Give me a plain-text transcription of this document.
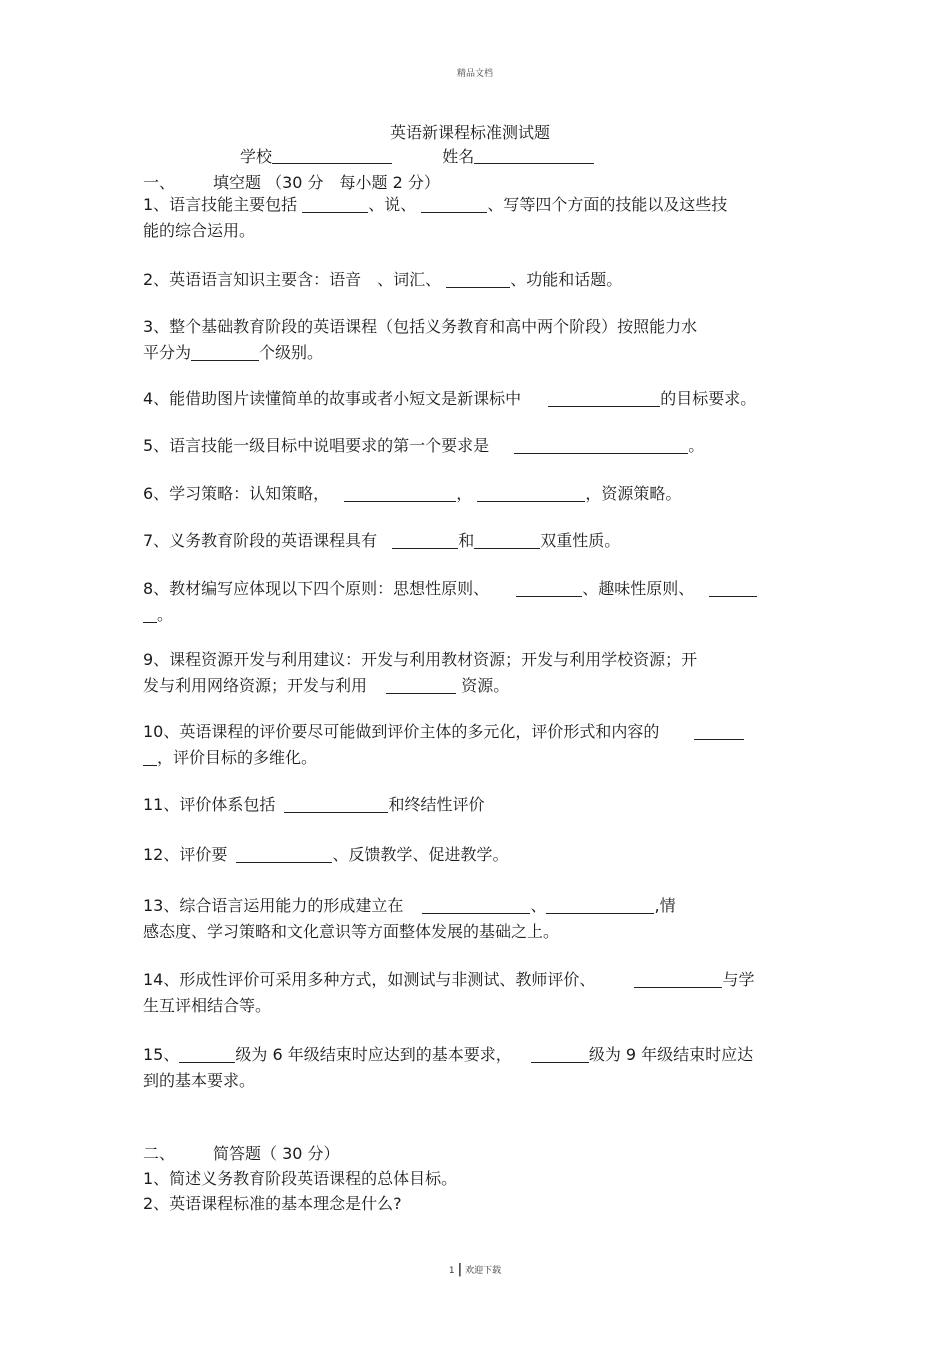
精品文档
英语新课程标准测试题
学校	姓名
一、 填空题 （30 分　每小题 2 分）
1、语言技能主要包括	、说、	、写等四个方面的技能以及这些技
能的综合运用。
2、英语语言知识主要含：语音　、词汇、	、功能和话题。
3、整个基础教育阶段的英语课程（包括义务教育和高中两个阶段）按照能力水
平分为	个级别。
4、能借助图片读懂简单的故事或者小短文是新课标中	的目标要求。
5、语言技能一级目标中说唱要求的第一个要求是	。
6、学习策略：认知策略，	，	，资源策略。
7、义务教育阶段的英语课程具有	和	双重性质。
8、教材编写应体现以下四个原则：思想性原则、	、趣味性原则、
。
9、课程资源开发与利用建议：开发与利用教材资源；开发与利用学校资源；开
发与利用网络资源；开发与利用	资源。
10、英语课程的评价要尽可能做到评价主体的多元化，评价形式和内容的
，评价目标的多维化。
11、评价体系包括	和终结性评价
12、评价要	、反馈教学、促进教学。
13、综合语言运用能力的形成建立在	、	,情
感态度、学习策略和文化意识等方面整体发展的基础之上。
14、形成性评价可采用多种方式，如测试与非测试、教师评价、	与学
生互评相结合等。
15、	级为 6 年级结束时应达到的基本要求，	级为 9 年级结束时应达
到的基本要求。
二、 简答题（ 30 分）
1、简述义务教育阶段英语课程的总体目标。
2、英语课程标准的基本理念是什么?
1 | 欢迎下载
